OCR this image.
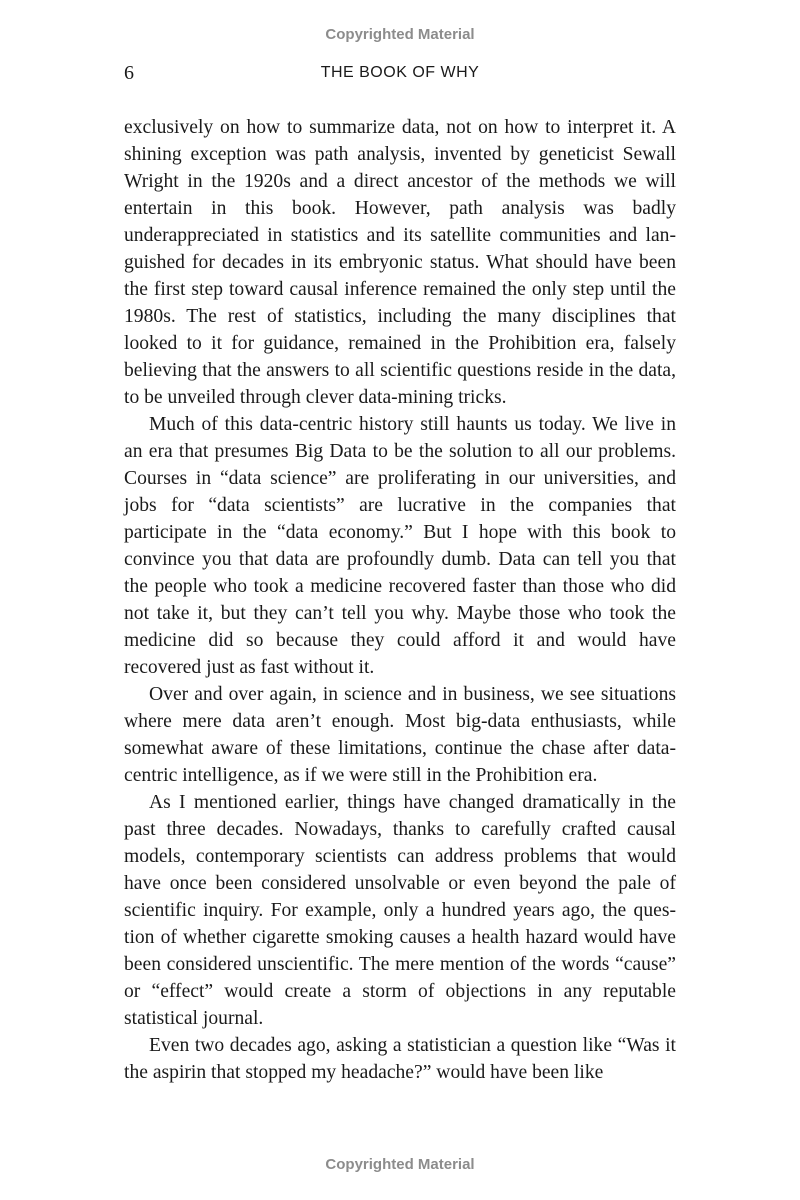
Copyrighted Material
6	THE BOOK OF WHY

exclusively on how to summarize data, not on how to interpret it. A shining exception was path analysis, invented by geneticist Sewall Wright in the 1920s and a direct ancestor of the methods we will entertain in this book. However, path analysis was badly underappreciated in statistics and its satellite communities and languished for decades in its embryonic status. What should have been the first step toward causal inference remained the only step until the 1980s. The rest of statistics, including the many disciplines that looked to it for guidance, remained in the Prohibition era, falsely believing that the answers to all scientific questions reside in the data, to be unveiled through clever data-mining tricks.

Much of this data-centric history still haunts us today. We live in an era that presumes Big Data to be the solution to all our problems. Courses in “data science” are proliferating in our universities, and jobs for “data scientists” are lucrative in the companies that participate in the “data economy.” But I hope with this book to convince you that data are profoundly dumb. Data can tell you that the people who took a medicine recovered faster than those who did not take it, but they can’t tell you why. Maybe those who took the medicine did so because they could afford it and would have recovered just as fast without it.

Over and over again, in science and in business, we see situations where mere data aren’t enough. Most big-data enthusiasts, while somewhat aware of these limitations, continue the chase after data-centric intelligence, as if we were still in the Prohibition era.

As I mentioned earlier, things have changed dramatically in the past three decades. Nowadays, thanks to carefully crafted causal models, contemporary scientists can address problems that would have once been considered unsolvable or even beyond the pale of scientific inquiry. For example, only a hundred years ago, the question of whether cigarette smoking causes a health hazard would have been considered unscientific. The mere mention of the words “cause” or “effect” would create a storm of objections in any reputable statistical journal.

Even two decades ago, asking a statistician a question like “Was it the aspirin that stopped my headache?” would have been like

Copyrighted Material
